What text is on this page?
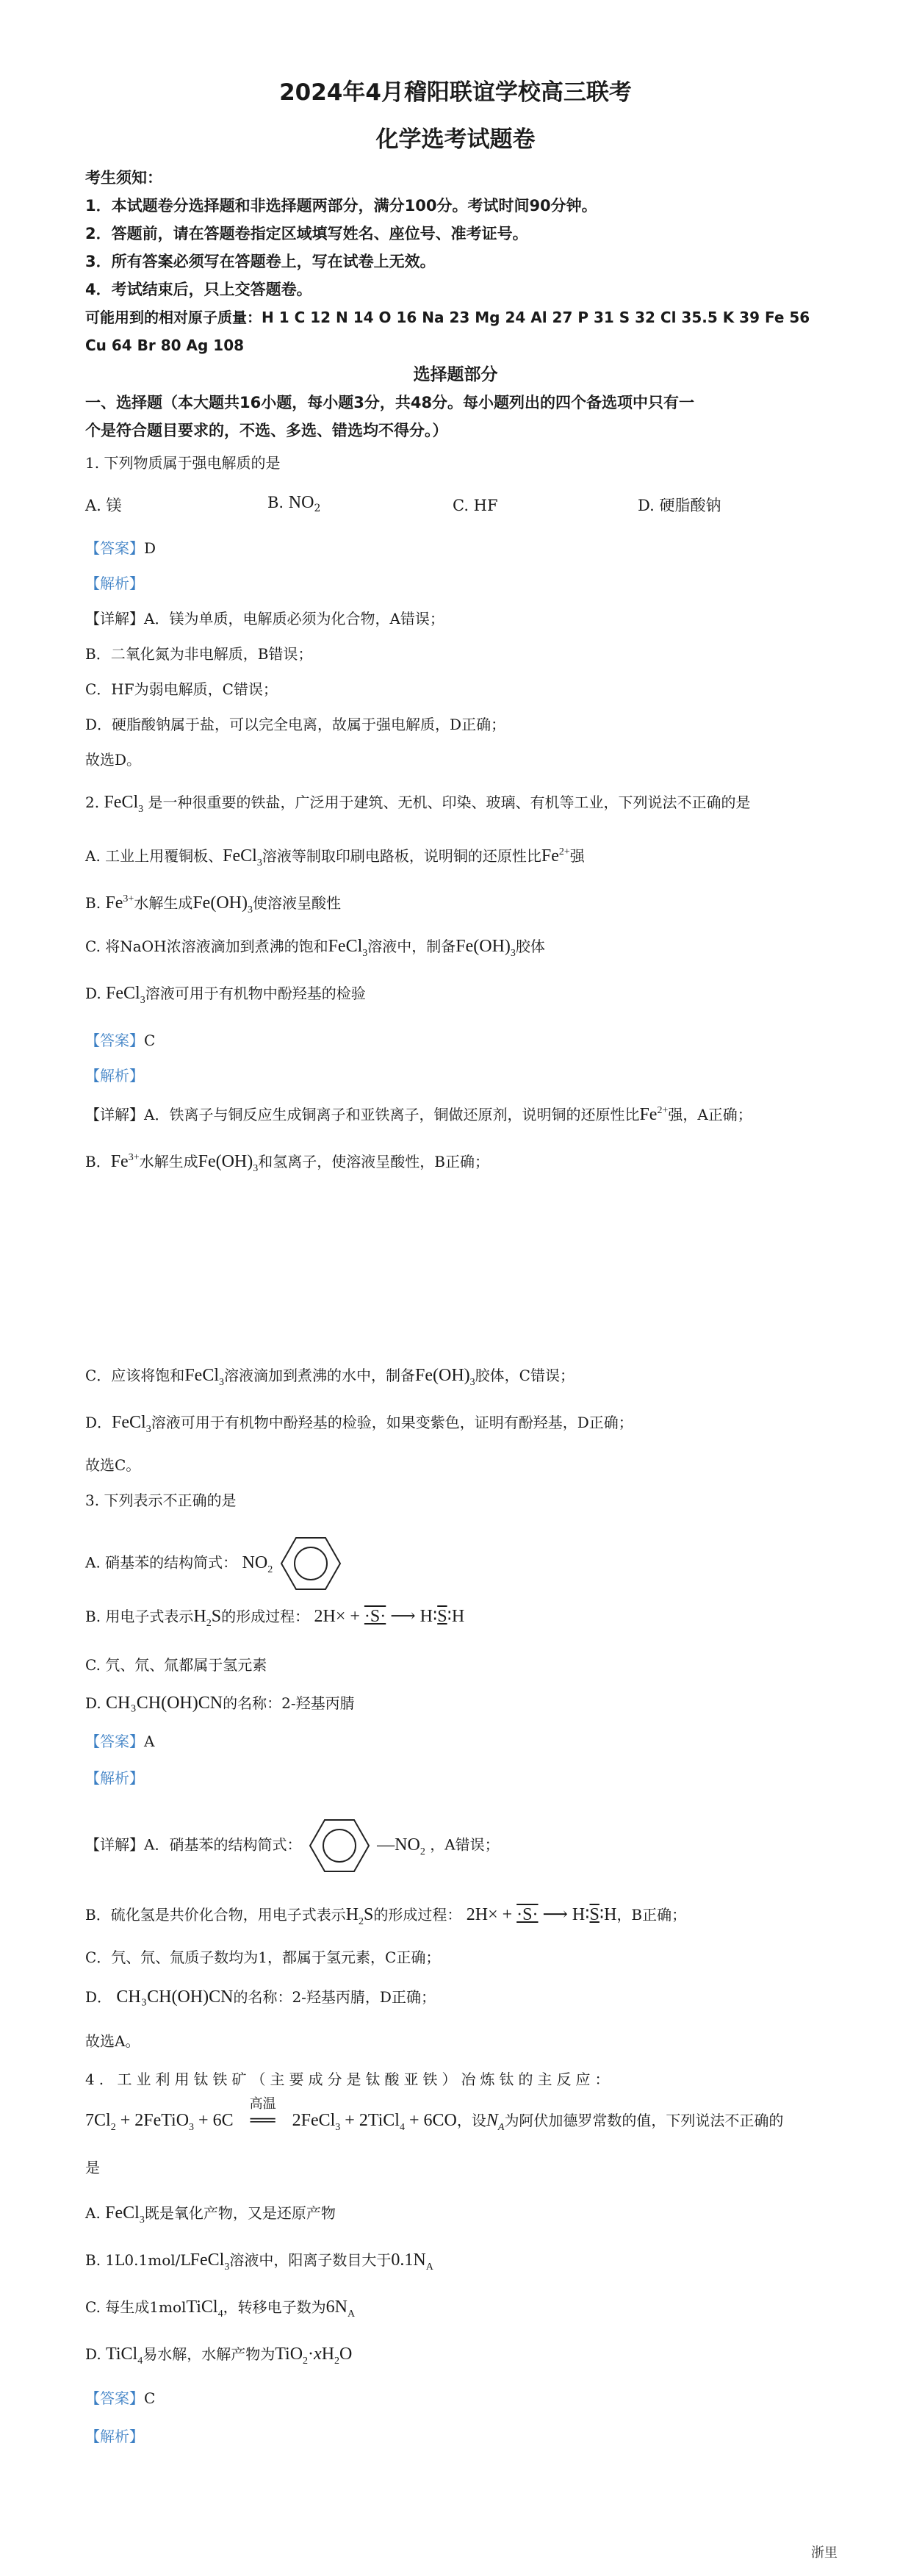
2024年4月稽阳联谊学校高三联考
化学选考试题卷
考生须知：
1．本试题卷分选择题和非选择题两部分，满分100分。考试时间90分钟。
2．答题前，请在答题卷指定区域填写姓名、座位号、准考证号。
3．所有答案必须写在答题卷上，写在试卷上无效。
4．考试结束后，只上交答题卷。
可能用到的相对原子质量：H 1 C 12 N 14 O 16 Na 23 Mg 24 Al 27 P 31 S 32 Cl 35.5 K 39 Fe 56
Cu 64 Br 80 Ag 108
选择题部分
一、选择题（本大题共16小题，每小题3分，共48分。每小题列出的四个备选项中只有一
个是符合题目要求的，不选、多选、错选均不得分。）
1. 下列物质属于强电解质的是
A. 镁	B. $NO_2$	C. HF	D. 硬脂酸钠
【答案】D
【解析】
【详解】A．镁为单质，电解质必须为化合物，A错误；
B．二氧化氮为非电解质，B错误；
C．HF为弱电解质，C错误；
D．硬脂酸钠属于盐，可以完全电离，故属于强电解质，D正确；
故选D。
2. FeCl$_3$ 是一种很重要的铁盐，广泛用于建筑、无机、印染、玻璃、有机等工业，下列说法不正确的是
A. 工业上用覆铜板、FeCl$_3$溶液等制取印刷电路板，说明铜的还原性比$Fe^{2+}$强
B. $Fe^{3+}$水解生成$Fe(OH)_3$使溶液呈酸性
C. 将NaOH浓溶液滴加到煮沸的饱和FeCl$_3$溶液中，制备$Fe(OH)_3$胶体
D. FeCl$_3$溶液可用于有机物中酚羟基的检验
【答案】C
【解析】
【详解】A．铁离子与铜反应生成铜离子和亚铁离子，铜做还原剂，说明铜的还原性比$Fe^{2+}$强，A正确；
B．$Fe^{3+}$水解生成$Fe(OH)_3$和氢离子，使溶液呈酸性，B正确；
C．应该将饱和FeCl$_3$溶液滴加到煮沸的水中，制备$Fe(OH)_3$胶体，C错误；
D．FeCl$_3$溶液可用于有机物中酚羟基的检验，如果变紫色，证明有酚羟基，D正确；
故选C。
3. 下列表示不正确的是
A. 硝基苯的结构简式： $NO_2$
B. 用电子式表示$H_2S$的形成过程： 2H× + ·S· ⟶ H∶S∶H
C. 氕、氘、氚都属于氢元素
D. CH₃CH(OH)CN的名称：2-羟基丙腈
【答案】A
【解析】
【详解】A．硝基苯的结构简式：	$—NO_2$ ，A错误；
B．硫化氢是共价化合物，用电子式表示$H_2S$的形成过程： 2H× + ·S· ⟶ H∶S∶H，B正确；
C．氕、氘、氚质子数均为1，都属于氢元素，C正确；
D． CH₃CH(OH)CN的名称：2-羟基丙腈，D正确；
故选A。
4. 工业利用钛铁矿（主要成分是钛酸亚铁）冶炼钛的主反应：
$7Cl_2$ + 2FeTiO$_3$ + 6C
高温
══ 2FeCl$_3$ + 2TiCl$_4$ + 6CO，设$N_A$为阿伏加德罗常数的值，下列说法不正确的
是
A. FeCl$_3$既是氧化产物，又是还原产物
B. 1L0.1mol/LFeCl$_3$溶液中，阳离子数目大于$0.1N_A$
C. 每生成1molTiCl$_4$，转移电子数为$6N_A$
D. TiCl$_4$易水解，水解产物为$TiO_2\cdot xH_2O$
【答案】C
【解析】
浙里
